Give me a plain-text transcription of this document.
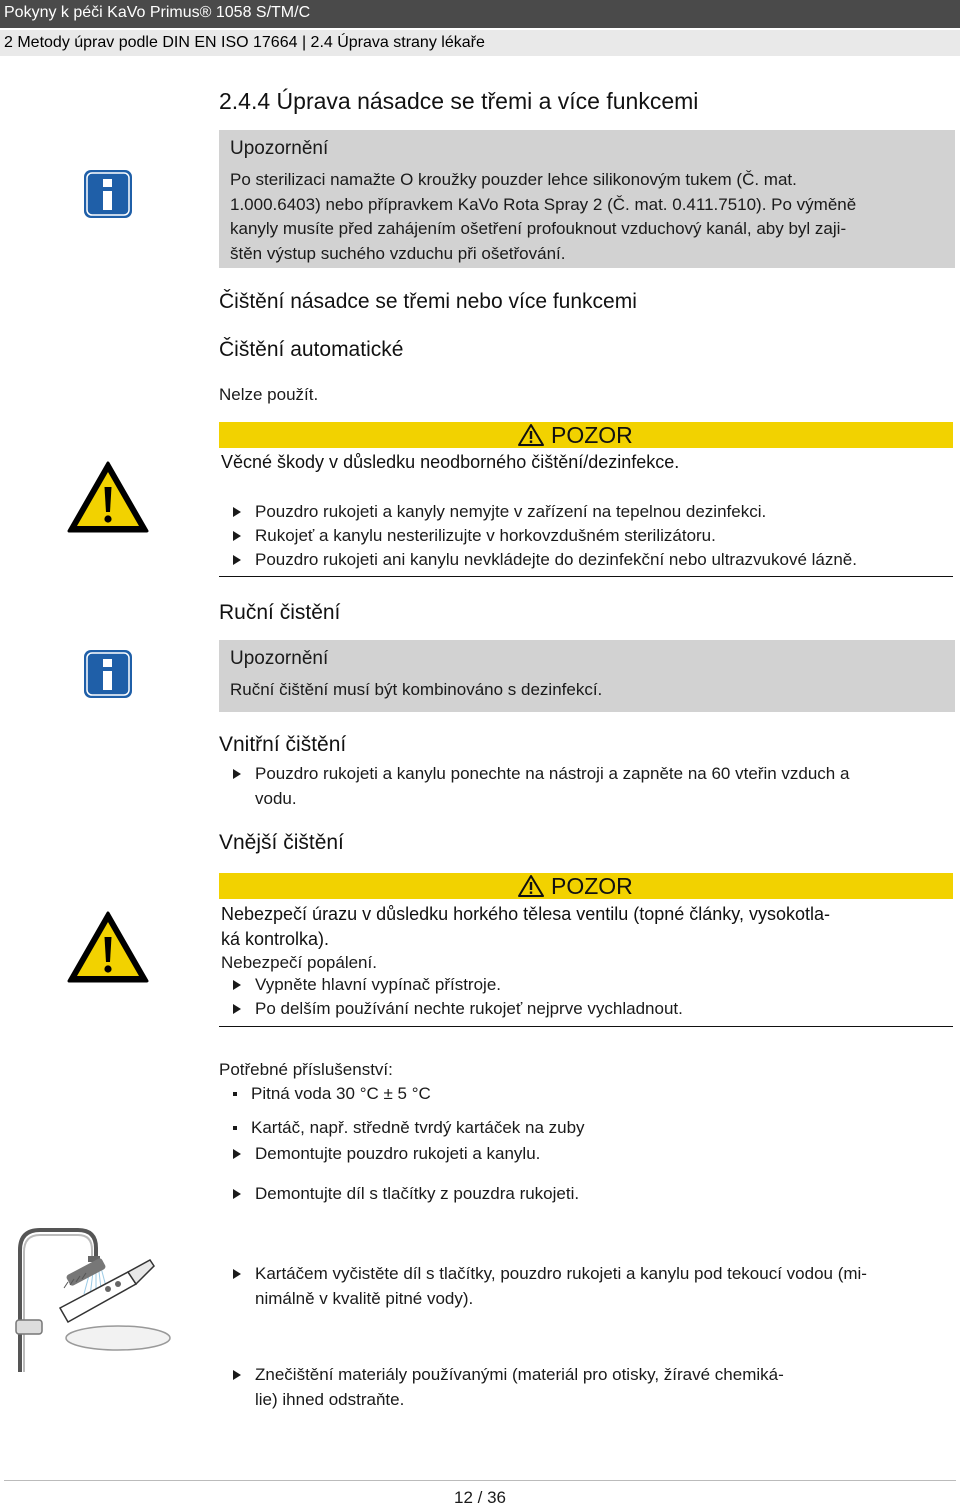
Pokyny k péči KaVo Primus® 1058 S/TM/C
2 Metody úprav podle DIN EN ISO 17664 | 2.4 Úprava strany lékaře
2.4.4 Úprava násadce se třemi a více funkcemi
Upozornění
Po sterilizaci namažte O kroužky pouzder lehce silikonovým tukem (Č. mat.
1.000.6403) nebo přípravkem KaVo Rota Spray 2 (Č. mat. 0.411.7510). Po výměně
kanyly musíte před zahájením ošetření profouknout vzduchový kanál, aby byl zaji-
štěn výstup suchého vzduchu při ošetřování.
Čištění násadce se třemi nebo více funkcemi
Čištění automatické
Nelze použít.
POZOR
Věcné škody v důsledku neodborného čištění/dezinfekce.
Pouzdro rukojeti a kanyly nemyjte v zařízení na tepelnou dezinfekci.
Rukojeť a kanylu nesterilizujte v horkovzdušném sterilizátoru.
Pouzdro rukojeti ani kanylu nevkládejte do dezinfekční nebo ultrazvukové lázně.
Ruční čistění
Upozornění
Ruční čištění musí být kombinováno s dezinfekcí.
Vnitřní čištění
Pouzdro rukojeti a kanylu ponechte na nástroji a zapněte na 60 vteřin vzduch a
vodu.
Vnější čištění
POZOR
Nebezpečí úrazu v důsledku horkého tělesa ventilu (topné články, vysokotla-
ká kontrolka).
Nebezpečí popálení.
Vypněte hlavní vypínač přístroje.
Po delším používání nechte rukojeť nejprve vychladnout.
Potřebné příslušenství:
Pitná voda 30 °C ± 5 °C
Kartáč, např. středně tvrdý kartáček na zuby
Demontujte pouzdro rukojeti a kanylu.
Demontujte díl s tlačítky z pouzdra rukojeti.
Kartáčem vyčistěte díl s tlačítky, pouzdro rukojeti a kanylu pod tekoucí vodou (mi-
nimálně v kvalitě pitné vody).
Znečištění materiály používanými (materiál pro otisky, žíravé chemiká-
lie) ihned odstraňte.
12 / 36
